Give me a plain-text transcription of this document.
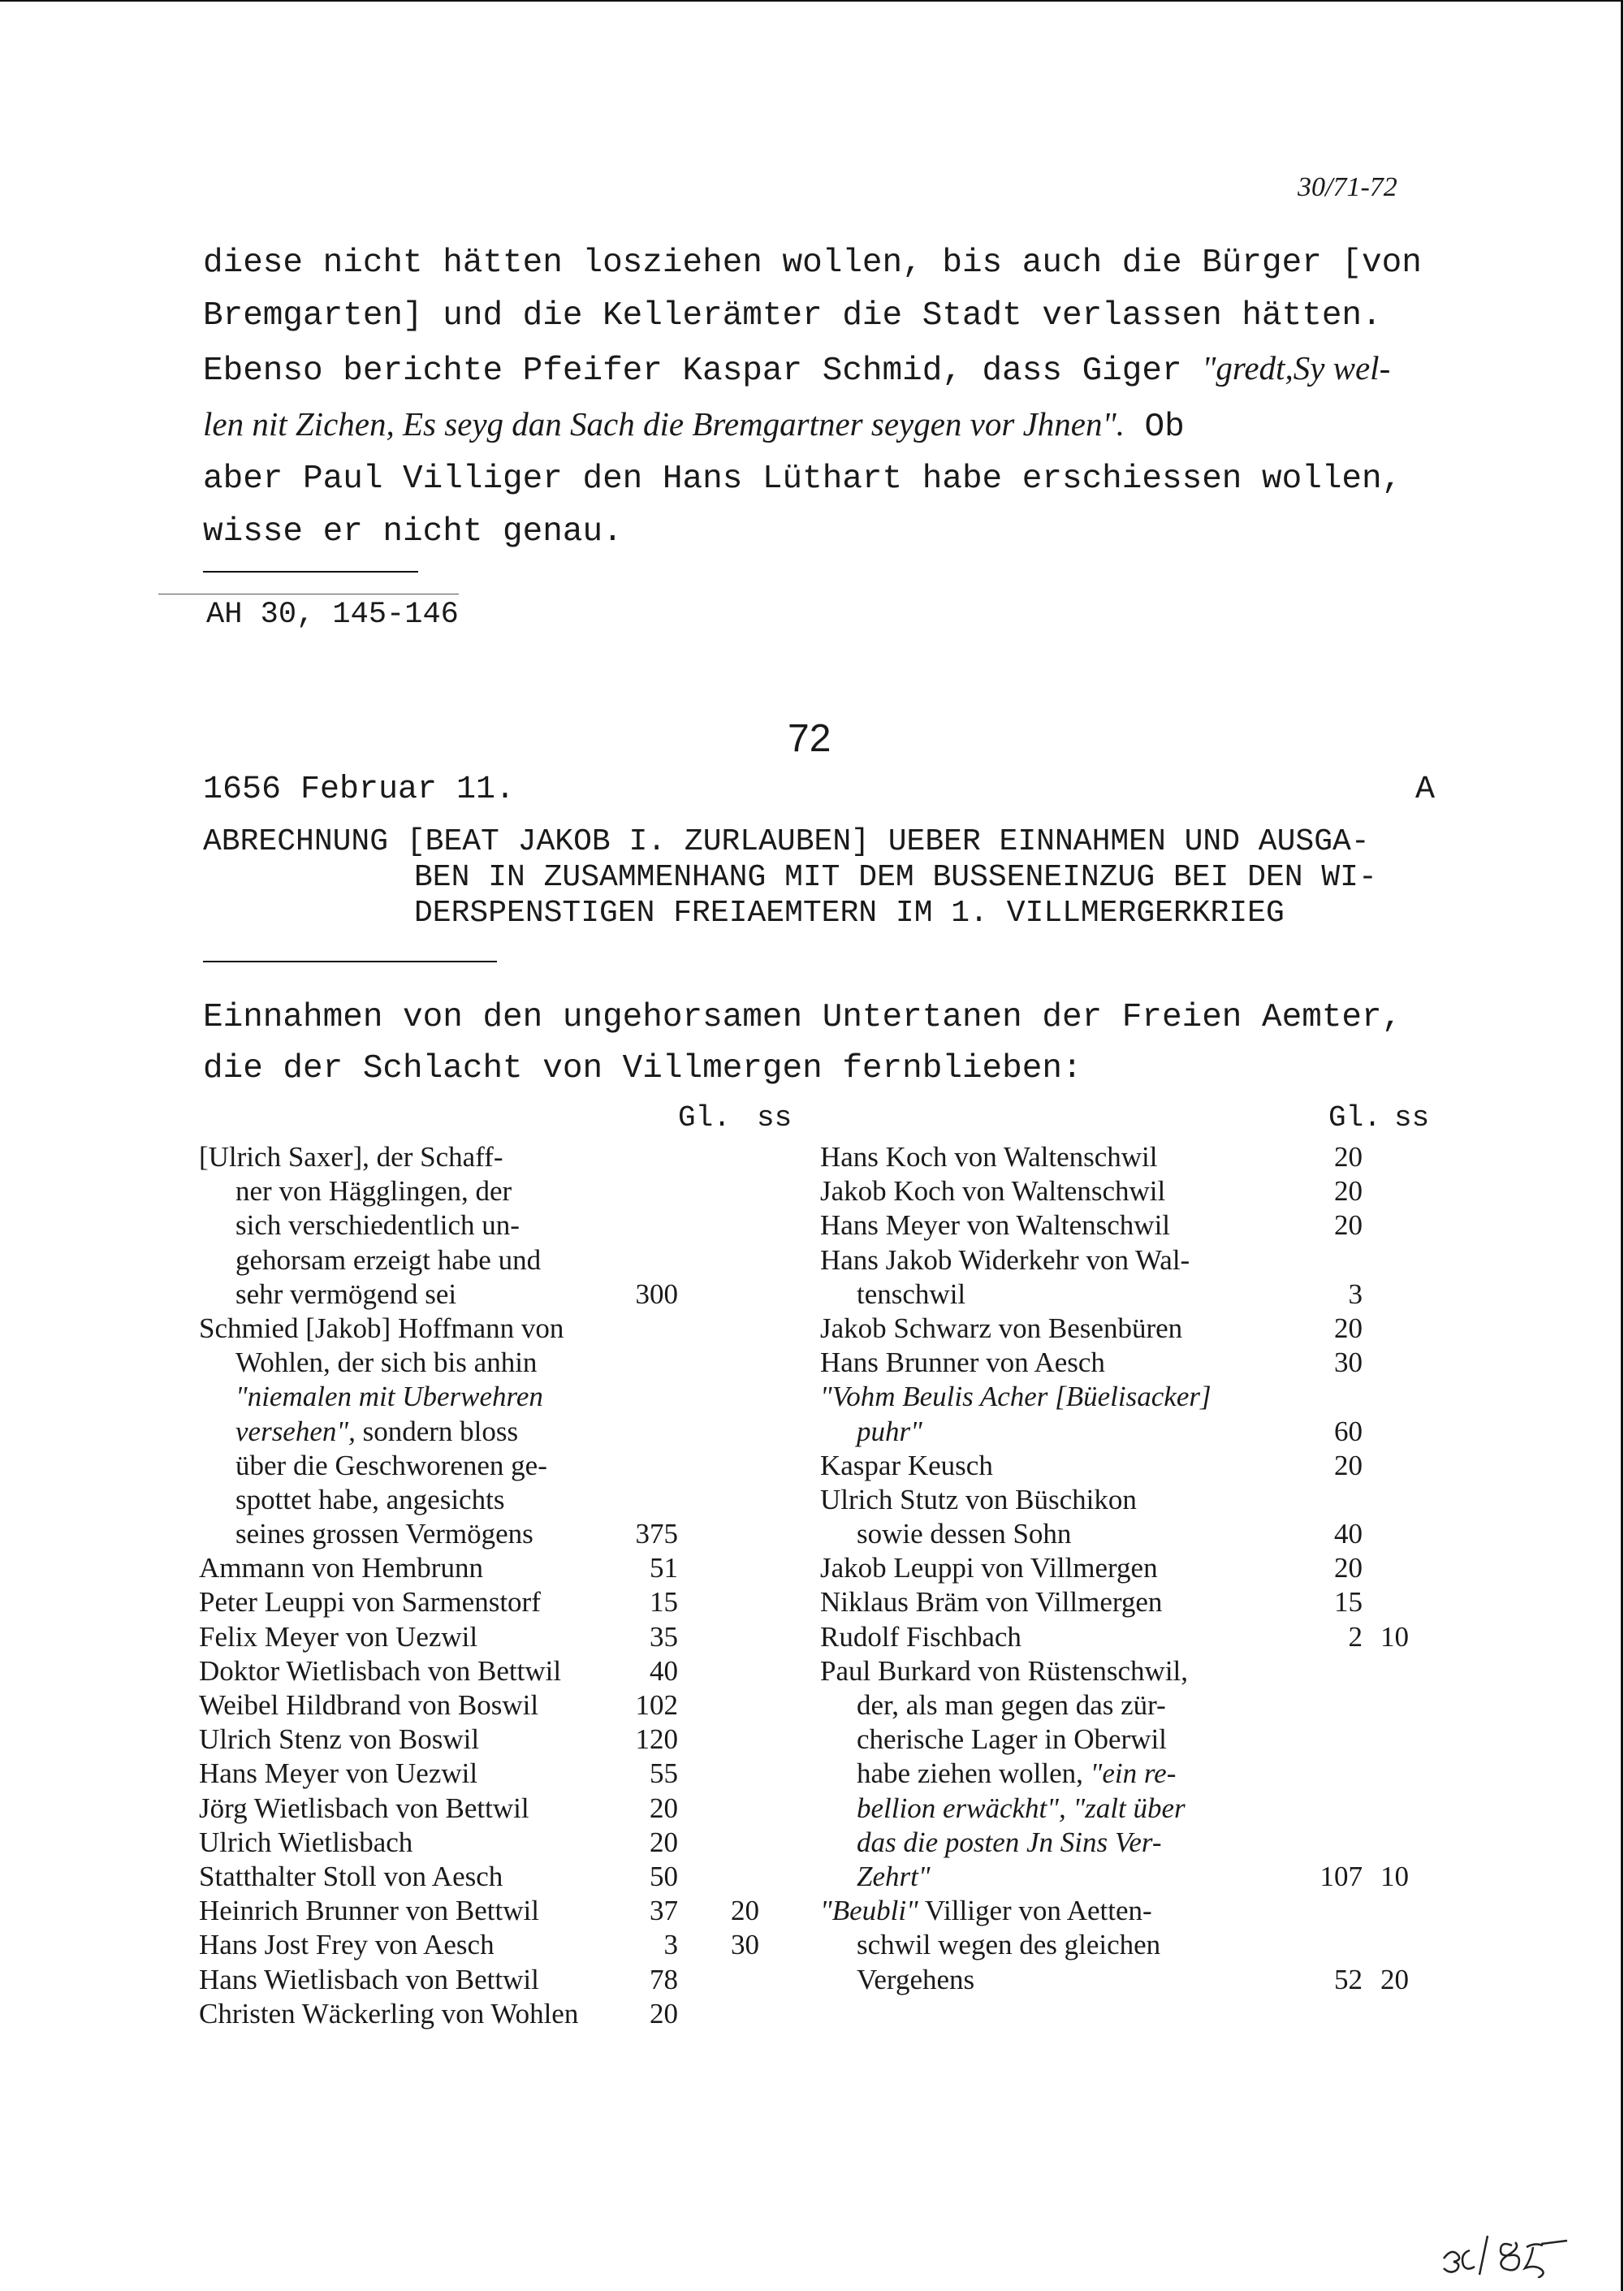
30/71-72
diese nicht hätten losziehen wollen, bis auch die Bürger [von
Bremgarten] und die Kellerämter die Stadt verlassen hätten.
Ebenso berichte Pfeifer Kaspar Schmid, dass Giger "gredt,Sy wel-
len nit Zichen, Es seyg dan Sach die Bremgartner seygen vor Jhnen". Ob
aber Paul Villiger den Hans Lüthart habe erschiessen wollen,
wisse er nicht genau.
AH 30, 145-146
72
1656 Februar 11.	A
ABRECHNUNG [BEAT JAKOB I. ZURLAUBEN] UEBER EINNAHMEN UND AUSGA-
BEN IN ZUSAMMENHANG MIT DEM BUSSENEINZUG BEI DEN WI-
DERSPENSTIGEN FREIAEMTERN IM 1. VILLMERGERKRIEG
Einnahmen von den ungehorsamen Untertanen der Freien Aemter,
die der Schlacht von Villmergen fernblieben:
Gl. ss	Gl. ss
[Ulrich Saxer], der Schaff-
ner von Hägglingen, der
sich verschiedentlich un-
gehorsam erzeigt habe und
sehr vermögend sei	300
Schmied [Jakob] Hoffmann von
Wohlen, der sich bis anhin
"niemalen mit Uberwehren
versehen", sondern bloss
über die Geschworenen ge-
spottet habe, angesichts
seines grossen Vermögens	375
Ammann von Hembrunn	51
Peter Leuppi von Sarmenstorf	15
Felix Meyer von Uezwil	35
Doktor Wietlisbach von Bettwil	40
Weibel Hildbrand von Boswil	102
Ulrich Stenz von Boswil	120
Hans Meyer von Uezwil	55
Jörg Wietlisbach von Bettwil	20
Ulrich Wietlisbach	20
Statthalter Stoll von Aesch	50
Heinrich Brunner von Bettwil	37 20
Hans Jost Frey von Aesch	3 30
Hans Wietlisbach von Bettwil	78
Christen Wäckerling von Wohlen	20
Hans Koch von Waltenschwil	20
Jakob Koch von Waltenschwil	20
Hans Meyer von Waltenschwil	20
Hans Jakob Widerkehr von Wal-
tenschwil	3
Jakob Schwarz von Besenbüren	20
Hans Brunner von Aesch	30
"Vohm Beulis Acher [Büelisacker]
puhr"	60
Kaspar Keusch	20
Ulrich Stutz von Büschikon
sowie dessen Sohn	40
Jakob Leuppi von Villmergen	20
Niklaus Bräm von Villmergen	15
Rudolf Fischbach	2 10
Paul Burkard von Rüstenschwil,
der, als man gegen das zür-
cherische Lager in Oberwil
habe ziehen wollen, "ein re-
bellion erwäckht", "zalt über
das die posten Jn Sins Ver-
Zehrt"	107 10
"Beubli" Villiger von Aetten-
schwil wegen des gleichen
Vergehens	52 20
